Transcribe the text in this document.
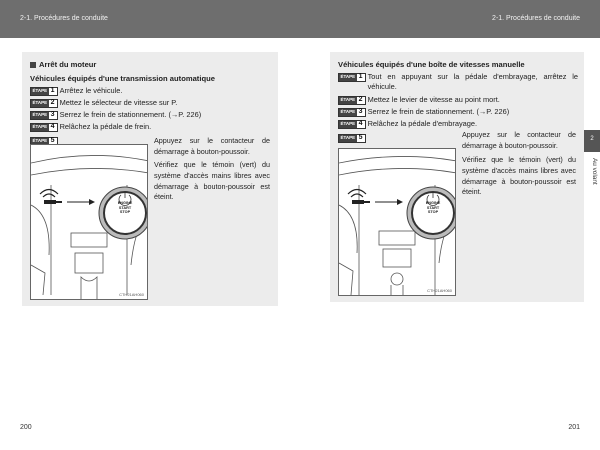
2-1. Procédures de conduite	2-1. Procédures de conduite
Arrêt du moteur
Véhicules équipés d'une transmission automatique
ÉTAPE 1 Arrêtez le véhicule.
ÉTAPE 2 Mettez le sélecteur de vitesse sur P.
ÉTAPE 3 Serrez le frein de stationnement. (→P. 226)
ÉTAPE 4 Relâchez la pédale de frein.
ÉTAPE 5
ENGINE
START
STOP
CTH21AH060
Appuyez sur le contacteur de démarrage à bouton-poussoir.
Vérifiez que le témoin (vert) du système d'accès mains libres avec démarrage à bouton-poussoir est éteint.
200
Véhicules équipés d'une boîte de vitesses manuelle
ÉTAPE 1 Tout en appuyant sur la pédale d'embrayage, arrêtez le véhicule.
ÉTAPE 2 Mettez le levier de vitesse au point mort.
ÉTAPE 3 Serrez le frein de stationnement. (→P. 226)
ÉTAPE 4 Relâchez la pédale d'embrayage.
ÉTAPE 5
ENGINE
START
STOP
CTH21AH060
Appuyez sur le contacteur de démarrage à bouton-poussoir.
Vérifiez que le témoin (vert) du système d'accès mains libres avec démarrage à bouton-poussoir est éteint.
2
Au volant
201
